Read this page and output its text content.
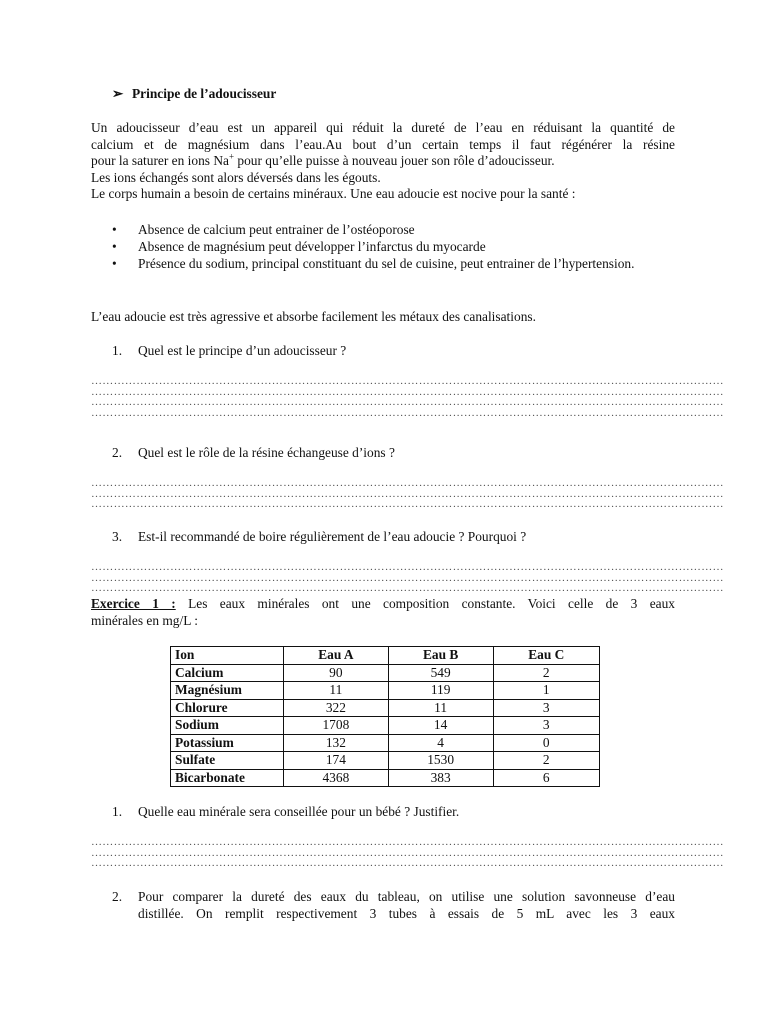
➢ Principe de l’adoucisseur
Un adoucisseur d’eau est un appareil qui réduit la dureté de l’eau en réduisant la quantité de
calcium et de magnésium dans l’eau.Au bout d’un certain temps il faut régénérer la résine
pour la saturer en ions Na+ pour qu’elle puisse à nouveau jouer son rôle d’adoucisseur.
Les ions échangés sont alors déversés dans les égouts.
Le corps humain a besoin de certains minéraux. Une eau adoucie est nocive pour la santé :
• Absence de calcium peut entrainer de l’ostéoporose
• Absence de magnésium peut développer l’infarctus du myocarde
• Présence du sodium, principal constituant du sel de cuisine, peut entrainer de l’hypertension.
L’eau adoucie est très agressive et absorbe facilement les métaux des canalisations.
1. Quel est le principe d’un adoucisseur ?
……………………………………………………………………………………………………………………………………………………
……………………………………………………………………………………………………………………………………………………
……………………………………………………………………………………………………………………………………………………
……………………………………………………………………………………………………………………………………………………
2. Quel est le rôle de la résine échangeuse d’ions ?
……………………………………………………………………………………………………………………………………………………
……………………………………………………………………………………………………………………………………………………
……………………………………………………………………………………………………………………………………………………
3. Est-il recommandé de boire régulièrement de l’eau adoucie ? Pourquoi ?
……………………………………………………………………………………………………………………………………………………
……………………………………………………………………………………………………………………………………………………
……………………………………………………………………………………………………………………………………………………
Exercice 1 : Les eaux minérales ont une composition constante. Voici celle de 3 eaux
minérales en mg/L :
Ion	Eau A	Eau B	Eau C
Calcium	90	549	2
Magnésium	11	119	1
Chlorure	322	11	3
Sodium	1708	14	3
Potassium	132	4	0
Sulfate	174	1530	2
Bicarbonate	4368	383	6
1. Quelle eau minérale sera conseillée pour un bébé ? Justifier.
……………………………………………………………………………………………………………………………………………………
……………………………………………………………………………………………………………………………………………………
……………………………………………………………………………………………………………………………………………………
2. Pour comparer la dureté des eaux du tableau, on utilise une solution savonneuse d’eau
distillée. On remplit respectivement 3 tubes à essais de 5 mL avec les 3 eaux
